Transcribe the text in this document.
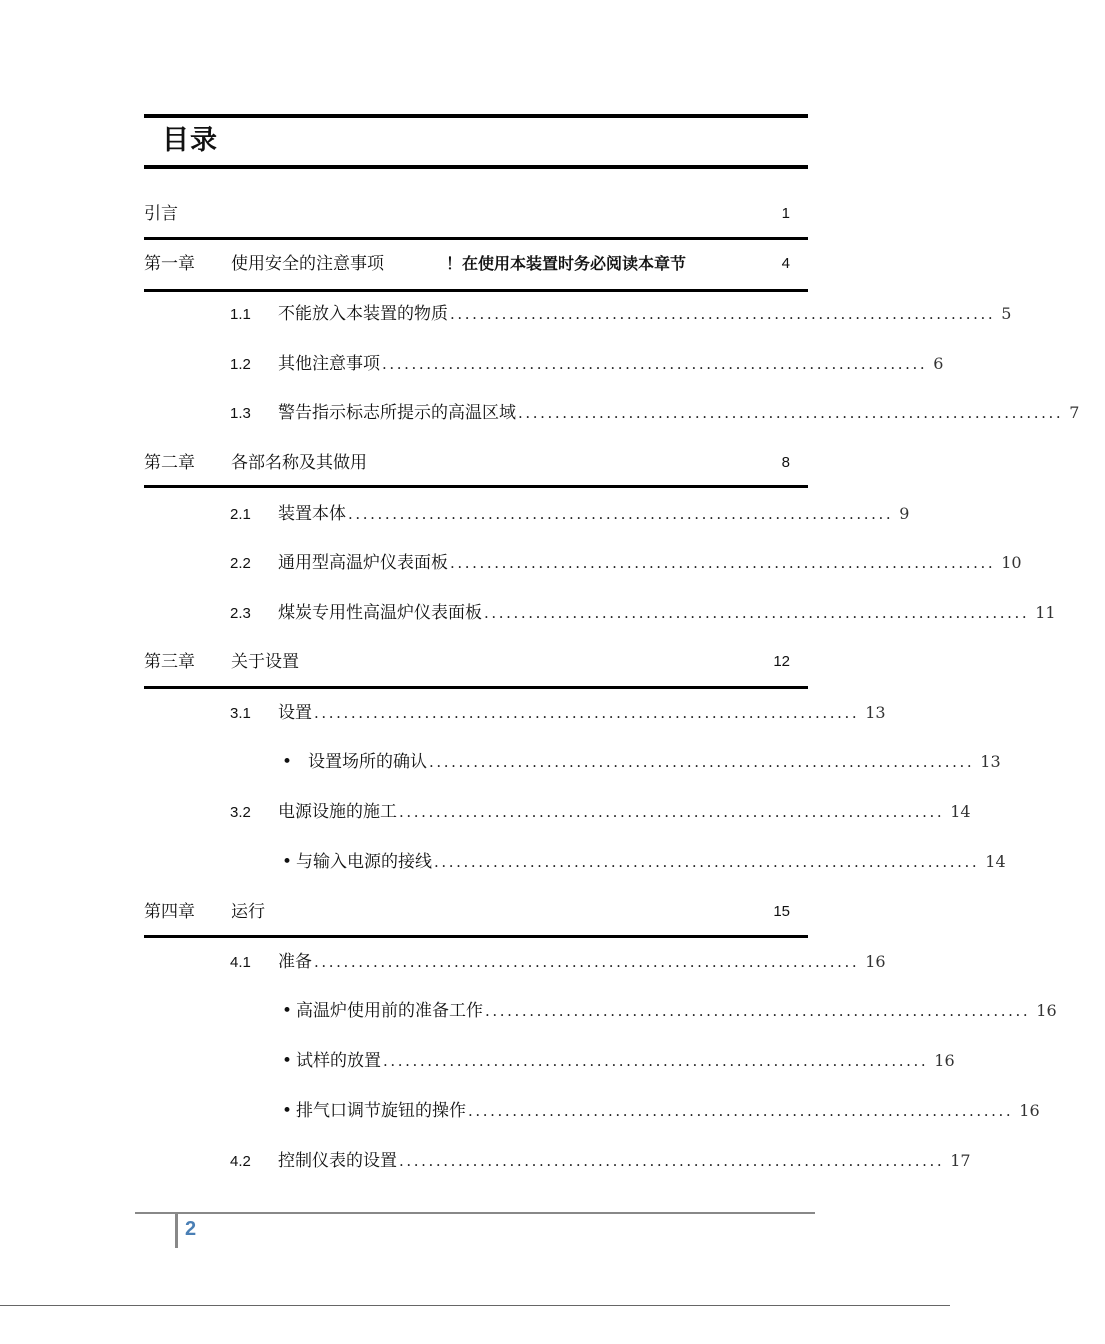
目录
引言	1
第一章 使用安全的注意事项	！在使用本装置时务必阅读本章节	4
1.1	不能放入本装置的物质 .......................................................................... 5
1.2	其他注意事项 .......................................................................... 6
1.3	警告指示标志所提示的高温区域 .......................................................................... 7
第二章 各部名称及其做用	8
2.1	装置本体 .......................................................................... 9
2.2	通用型高温炉仪表面板 .......................................................................... 10
2.3	煤炭专用性高温炉仪表面板 .......................................................................... 11
第三章 关于设置	12
3.1	设置 .......................................................................... 13
• 设置场所的确认 .......................................................................... 13
3.2	电源设施的施工 .......................................................................... 14
• 与输入电源的接线 .......................................................................... 14
第四章 运行	15
4.1	准备 .......................................................................... 16
• 高温炉使用前的准备工作 .......................................................................... 16
• 试样的放置 .......................................................................... 16
• 排气口调节旋钮的操作 .......................................................................... 16
4.2	控制仪表的设置 .......................................................................... 17
2
